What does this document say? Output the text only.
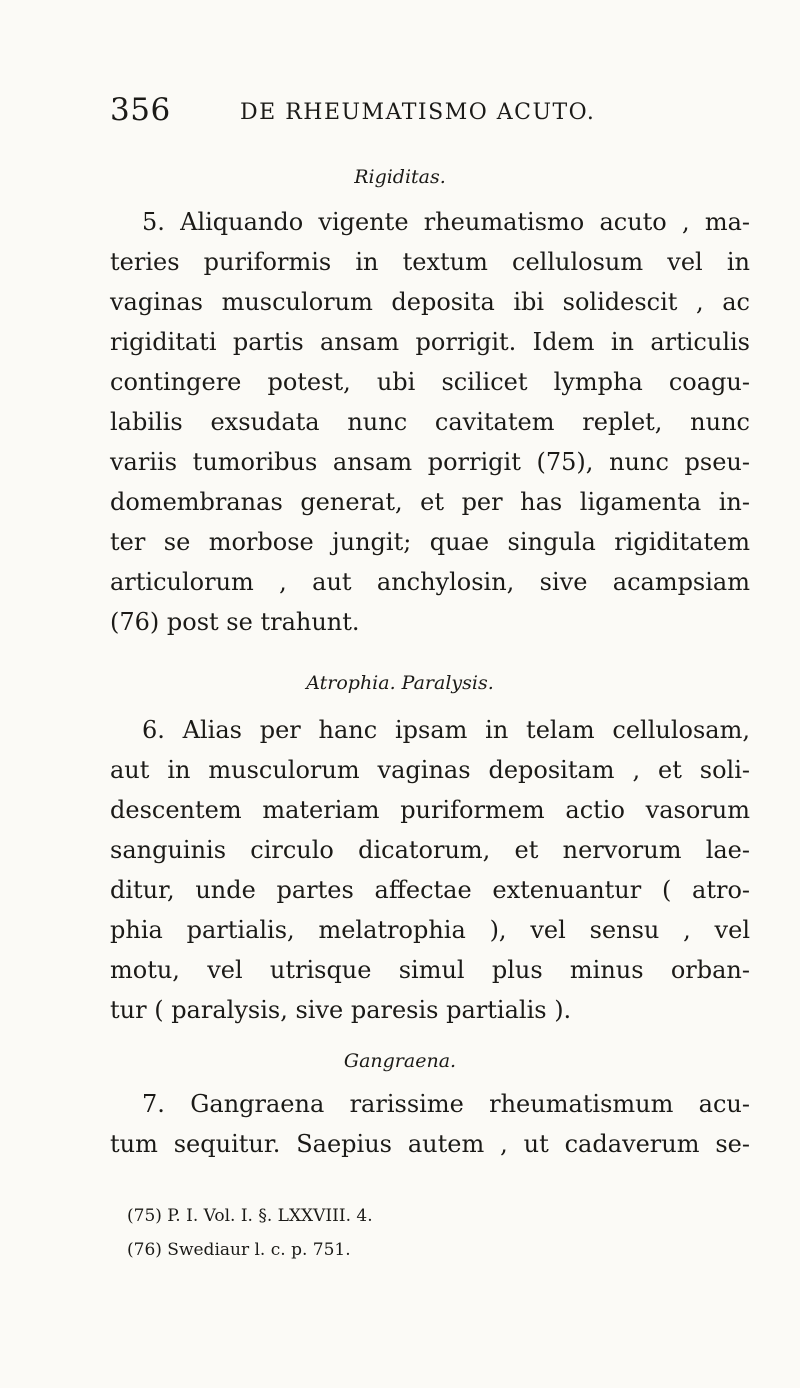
356	DE RHEUMATISMO ACUTO.
Rigiditas.
5. Aliquando vigente rheumatismo acuto , ma-
teries puriformis in textum cellulosum vel in
vaginas musculorum deposita ibi solidescit , ac
rigiditati partis ansam porrigit. Idem in articulis
contingere potest, ubi scilicet lympha coagu-
labilis exsudata nunc cavitatem replet, nunc
variis tumoribus ansam porrigit (75), nunc pseu-
domembranas generat, et per has ligamenta in-
ter se morbose jungit; quae singula rigiditatem
articulorum , aut anchylosin, sive acampsiam
(76) post se trahunt.
Atrophia. Paralysis.
6. Alias per hanc ipsam in telam cellulosam,
aut in musculorum vaginas depositam , et soli-
descentem materiam puriformem actio vasorum
sanguinis circulo dicatorum, et nervorum lae-
ditur, unde partes affectae extenuantur ( atro-
phia partialis, melatrophia ), vel sensu , vel
motu, vel utrisque simul plus minus orban-
tur ( paralysis, sive paresis partialis ).
Gangraena.
7. Gangraena rarissime rheumatismum acu-
tum sequitur. Saepius autem , ut cadaverum se-
(75) P. I. Vol. I. §. LXXVIII. 4.
(76) Swediaur l. c. p. 751.
